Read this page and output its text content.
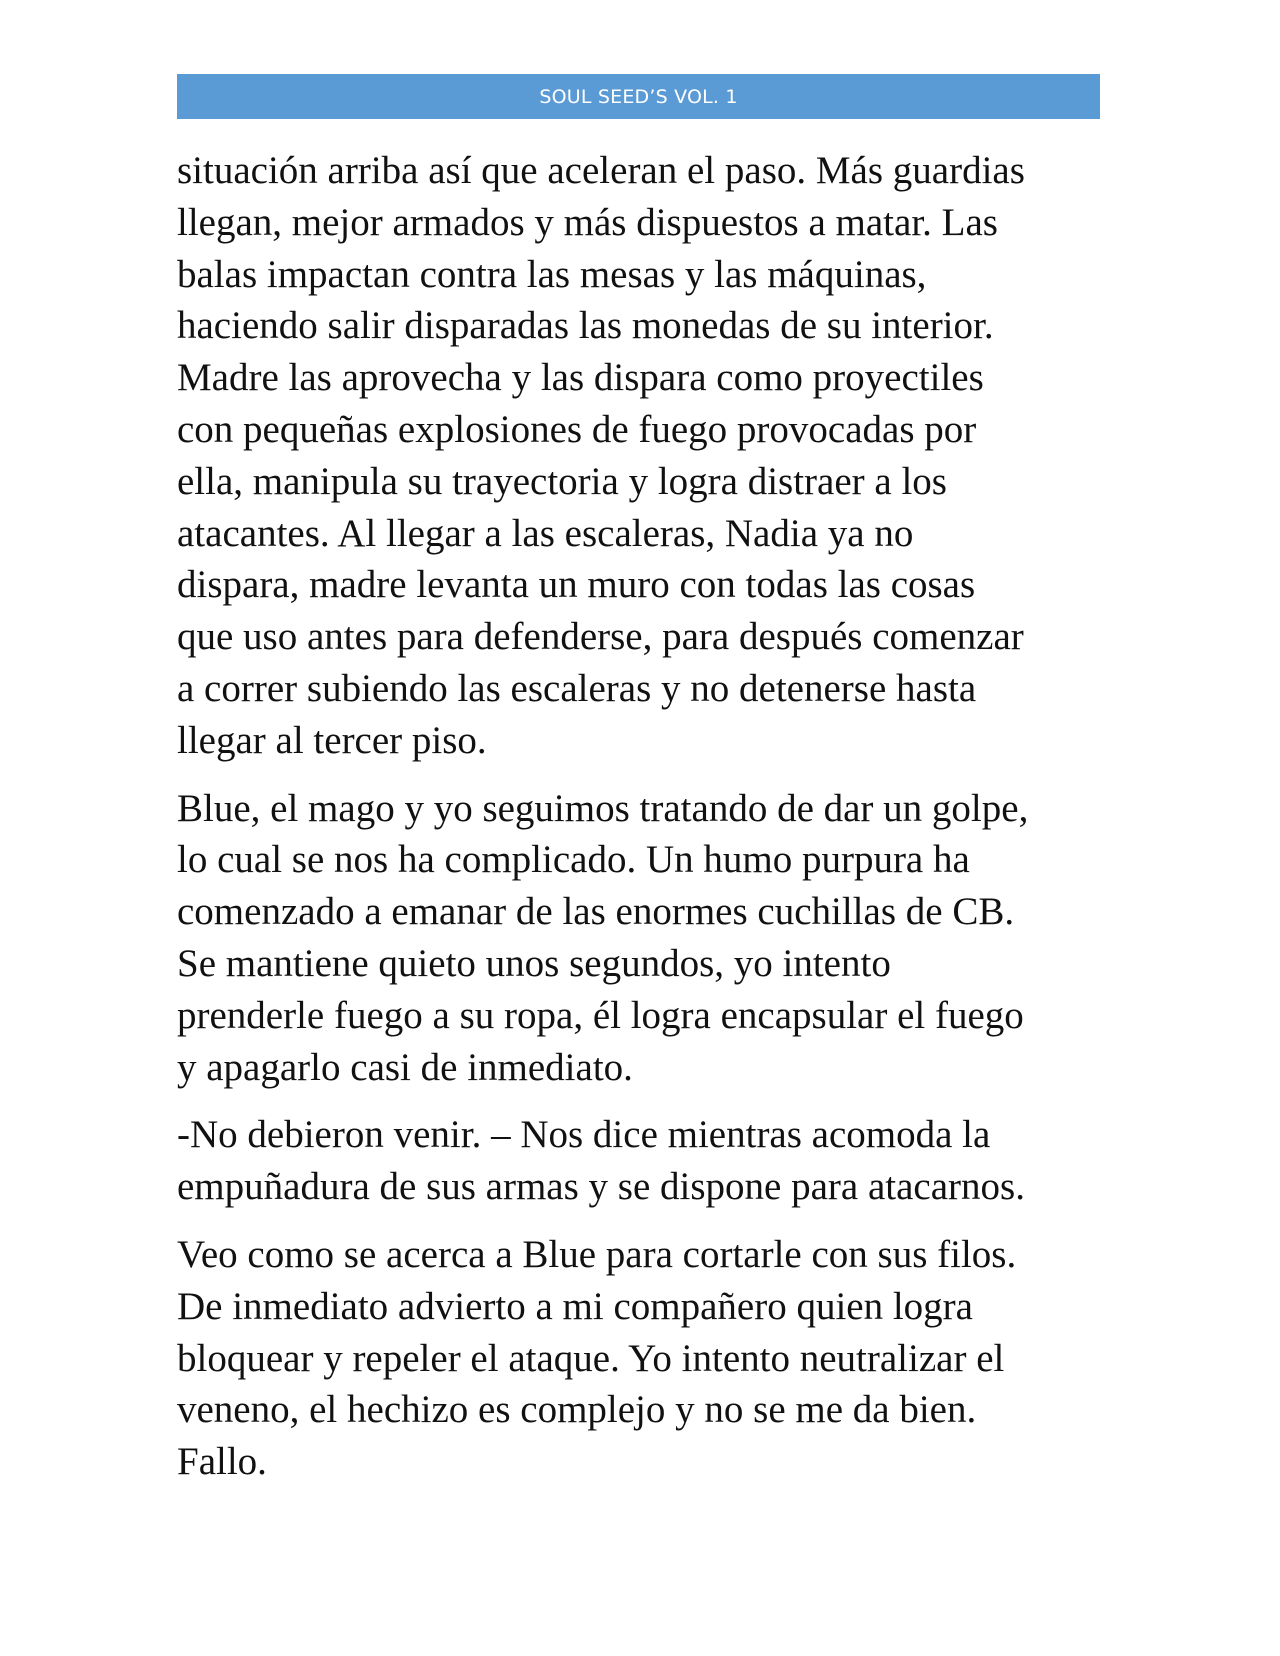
SOUL SEED’S VOL. 1

situación arriba así que aceleran el paso. Más guardias
llegan, mejor armados y más dispuestos a matar. Las
balas impactan contra las mesas y las máquinas,
haciendo salir disparadas las monedas de su interior.
Madre las aprovecha y las dispara como proyectiles
con pequeñas explosiones de fuego provocadas por
ella, manipula su trayectoria y logra distraer a los
atacantes. Al llegar a las escaleras, Nadia ya no
dispara, madre levanta un muro con todas las cosas
que uso antes para defenderse, para después comenzar
a correr subiendo las escaleras y no detenerse hasta
llegar al tercer piso.

Blue, el mago y yo seguimos tratando de dar un golpe,
lo cual se nos ha complicado. Un humo purpura ha
comenzado a emanar de las enormes cuchillas de CB.
Se mantiene quieto unos segundos, yo intento
prenderle fuego a su ropa, él logra encapsular el fuego
y apagarlo casi de inmediato.

-No debieron venir. – Nos dice mientras acomoda la
empuñadura de sus armas y se dispone para atacarnos.

Veo como se acerca a Blue para cortarle con sus filos.
De inmediato advierto a mi compañero quien logra
bloquear y repeler el ataque. Yo intento neutralizar el
veneno, el hechizo es complejo y no se me da bien.
Fallo.
